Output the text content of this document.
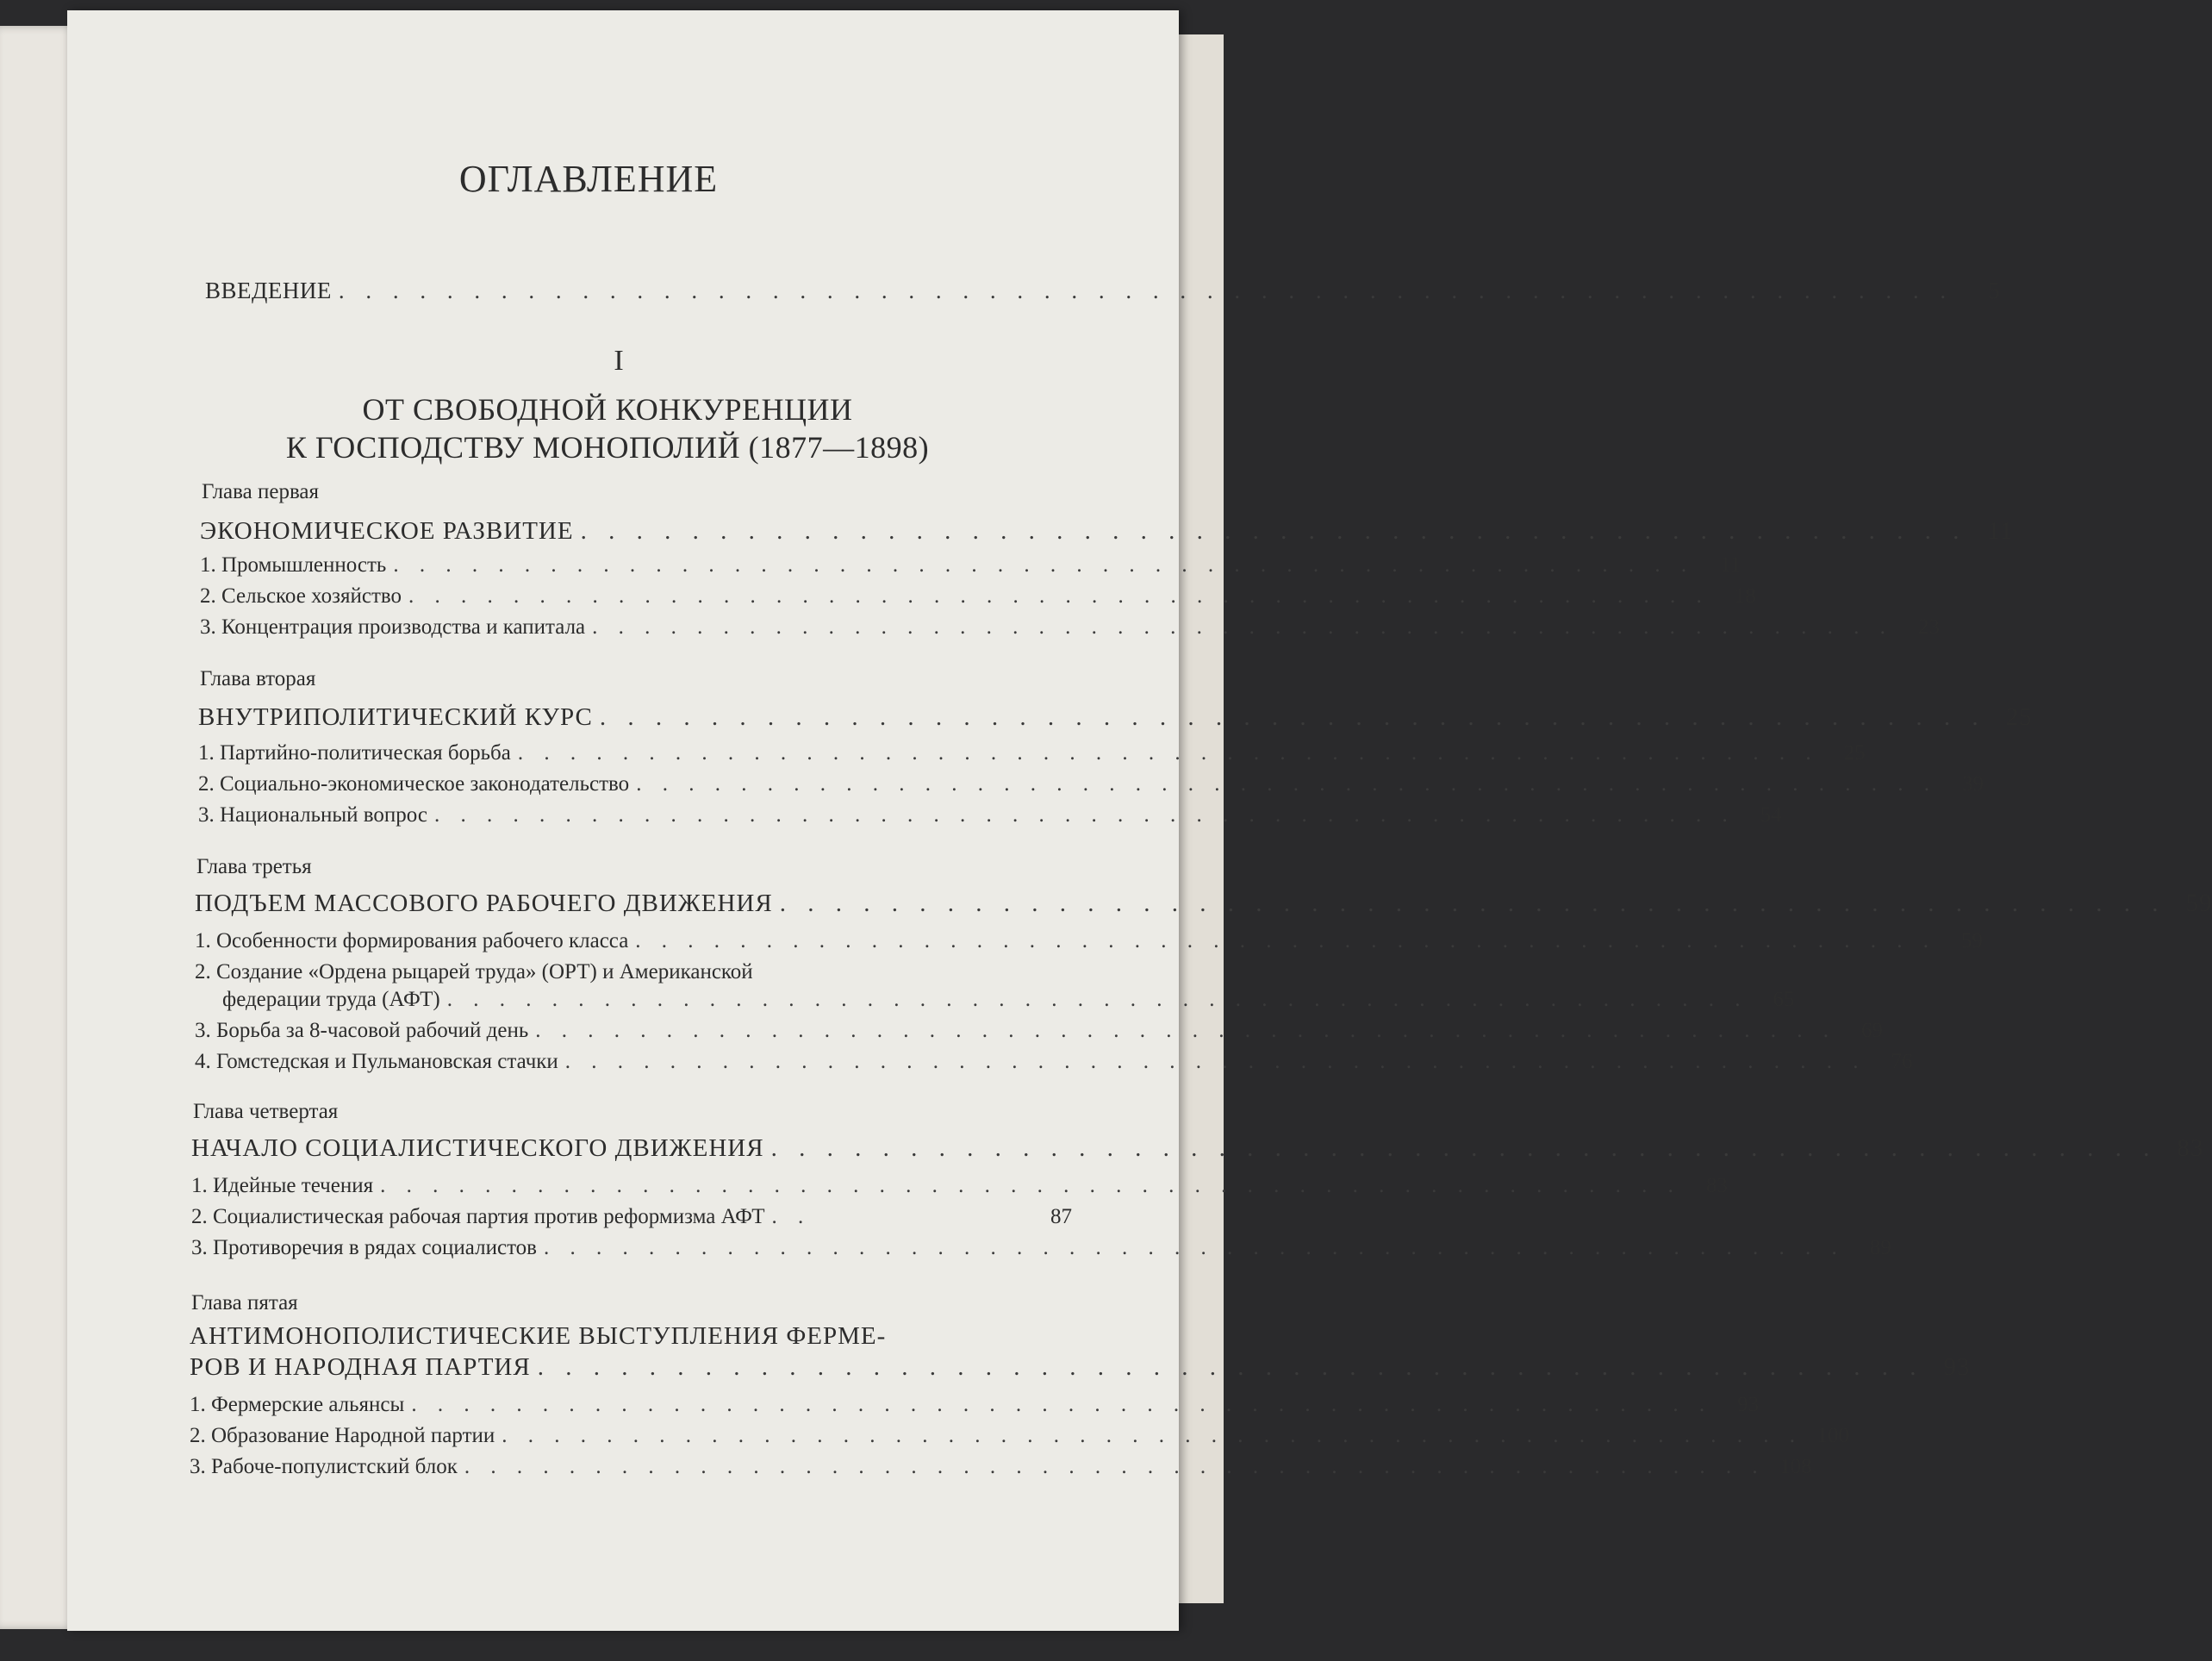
ОГЛАВЛЕНИЕ
ВВЕДЕНИЕ . . . . . . . . . . . . . . . . . . . . . . . . . . . . . . . . . . . . . . . . . . . . . . . . . . . . . . . . . . . .	5
I
ОТ СВОБОДНОЙ КОНКУРЕНЦИИ
К ГОСПОДСТВУ МОНОПОЛИЙ (1877—1898)
Глава первая
ЭКОНОМИЧЕСКОЕ РАЗВИТИЕ . . . . . . . . . . . . . . . . . . . . . . . . . . . . . . . . . . . . . . . . . . . . . . . . . . 11
1. Промышленность . . . . . . . . . . . . . . . . . . . . . . . . . . . . . . . . . . . . . . . . . . . . . . . . . .	11
2. Сельское хозяйство . . . . . . . . . . . . . . . . . . . . . . . . . . . . . . . . . . . . . . . . . . . . . . . . . .	18
3. Концентрация производства и капитала . . . . . . . . . . . . . . . . . . . . . . . . . . . . . . . . . . . . . . . . . . . . . . . . . .	23
Глава вторая
ВНУТРИПОЛИТИЧЕСКИЙ КУРС . . . . . . . . . . . . . . . . . . . . . . . . . . . . . . . . . . . . . . . . . . . . . . . . . . 25
1. Партийно-политическая борьба . . . . . . . . . . . . . . . . . . . . . . . . . . . . . . . . . . . . . . . . . . . . . . . . . .	25
2. Социально-экономическое законодательство . . . . . . . . . . . . . . . . . . . . . . . . . . . . . . . . . . . . . . . . . . . . . . . . . .	39
3. Национальный вопрос . . . . . . . . . . . . . . . . . . . . . . . . . . . . . . . . . . . . . . . . . . . . . . . . . .	54
Глава третья
ПОДЪЕМ МАССОВОГО РАБОЧЕГО ДВИЖЕНИЯ . . . . . . . . . . . . . . . . . . . . . . . . . . . . . . . . . . . . . . . . . . . . . . . . . . 59
1. Особенности формирования рабочего класса . . . . . . . . . . . . . . . . . . . . . . . . . . . . . . . . . . . . . . . . . . . . . . . . . .	59
2. Создание «Ордена рыцарей труда» (ОРТ) и Американской
федерации труда (АФТ) . . . . . . . . . . . . . . . . . . . . . . . . . . . . . . . . . . . . . . . . . . . . . . . . . .	65
3. Борьба за 8-часовой рабочий день . . . . . . . . . . . . . . . . . . . . . . . . . . . . . . . . . . . . . . . . . . . . . . . . . .	69
4. Гомстедская и Пульмановская стачки . . . . . . . . . . . . . . . . . . . . . . . . . . . . . . . . . . . . . . . . . . . . . . . . . .	76
Глава четвертая
НАЧАЛО СОЦИАЛИСТИЧЕСКОГО ДВИЖЕНИЯ . . . . . . . . . . . . . . . . . . . . . . . . . . . . . . . . . . . . . . . . . . . . . . . . . . 83
1. Идейные течения . . . . . . . . . . . . . . . . . . . . . . . . . . . . . . . . . . . . . . . . . . . . . . . . . .	83
2. Социалистическая рабочая партия против реформизма АФТ . .	87
3. Противоречия в рядах социалистов . . . . . . . . . . . . . . . . . . . . . . . . . . . . . . . . . . . . . . . . . . . . . . . . . .	89
Глава пятая
АНТИМОНОПОЛИСТИЧЕСКИЕ ВЫСТУПЛЕНИЯ ФЕРМЕ-
РОВ И НАРОДНАЯ ПАРТИЯ . . . . . . . . . . . . . . . . . . . . . . . . . . . . . . . . . . . . . . . . . . . . . . . . . . 93
1. Фермерские альянсы . . . . . . . . . . . . . . . . . . . . . . . . . . . . . . . . . . . . . . . . . . . . . . . . . .	93
2. Образование Народной партии . . . . . . . . . . . . . . . . . . . . . . . . . . . . . . . . . . . . . . . . . . . . . . . . . . 100
3. Рабоче-популистский блок . . . . . . . . . . . . . . . . . . . . . . . . . . . . . . . . . . . . . . . . . . . . . . . . . . 108
